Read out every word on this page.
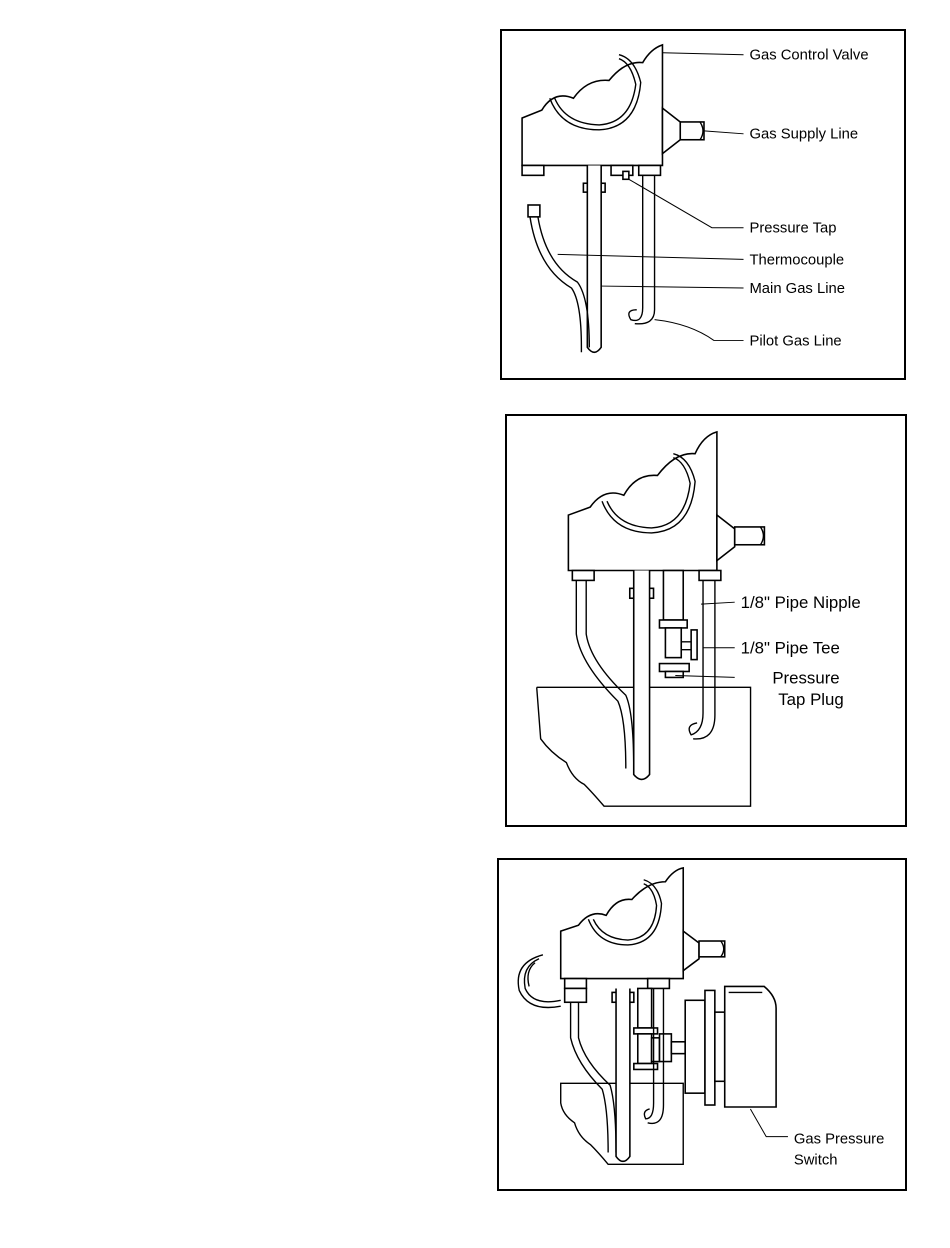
Gas Control Valve
Gas Supply Line
Pressure Tap
Thermocouple
Main Gas Line
Pilot Gas Line
1/8" Pipe Nipple
1/8" Pipe Tee
Pressure
Tap Plug
Gas Pressure
Switch
